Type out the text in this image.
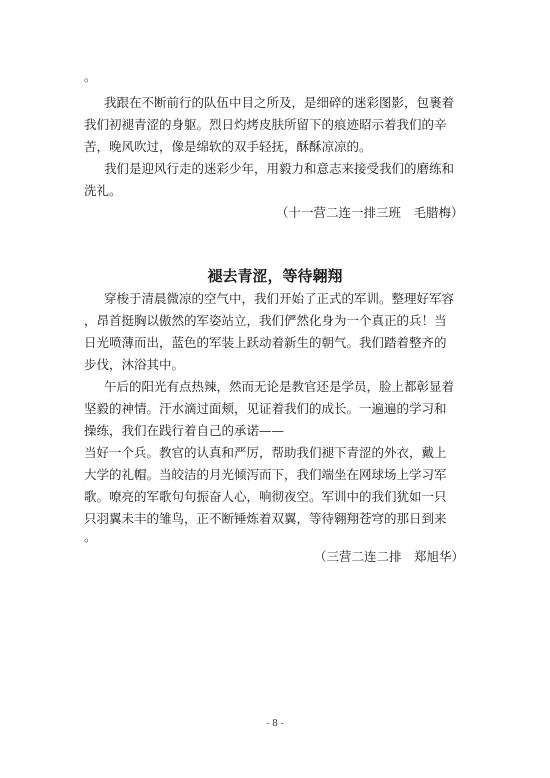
。
我跟在不断前行的队伍中目之所及，是细碎的迷彩图影，包裹着
我们初褪青涩的身躯。烈日灼烤皮肤所留下的痕迹昭示着我们的辛
苦，晚风吹过，像是绵软的双手轻抚，酥酥凉凉的。
我们是迎风行走的迷彩少年，用毅力和意志来接受我们的磨练和
洗礼。
（十一营二连一排三班　毛腊梅）
褪去青涩，等待翱翔
穿梭于清晨微凉的空气中，我们开始了正式的军训。整理好军容
，昂首挺胸以傲然的军姿站立，我们俨然化身为一个真正的兵！当
日光喷薄而出，蓝色的军装上跃动着新生的朝气。我们踏着整齐的
步伐，沐浴其中。
午后的阳光有点热辣，然而无论是教官还是学员，脸上都彰显着
坚毅的神情。汗水滴过面颊，见证着我们的成长。一遍遍的学习和
操练，我们在践行着自己的承诺——
当好一个兵。教官的认真和严厉，帮助我们褪下青涩的外衣，戴上
大学的礼帽。当皎洁的月光倾泻而下，我们端坐在网球场上学习军
歌。嘹亮的军歌句句振奋人心，响彻夜空。军训中的我们犹如一只
只羽翼未丰的雏鸟，正不断锤炼着双翼，等待翱翔苍穹的那日到来
。
（三营二连二排　郑旭华）
- 8 -
